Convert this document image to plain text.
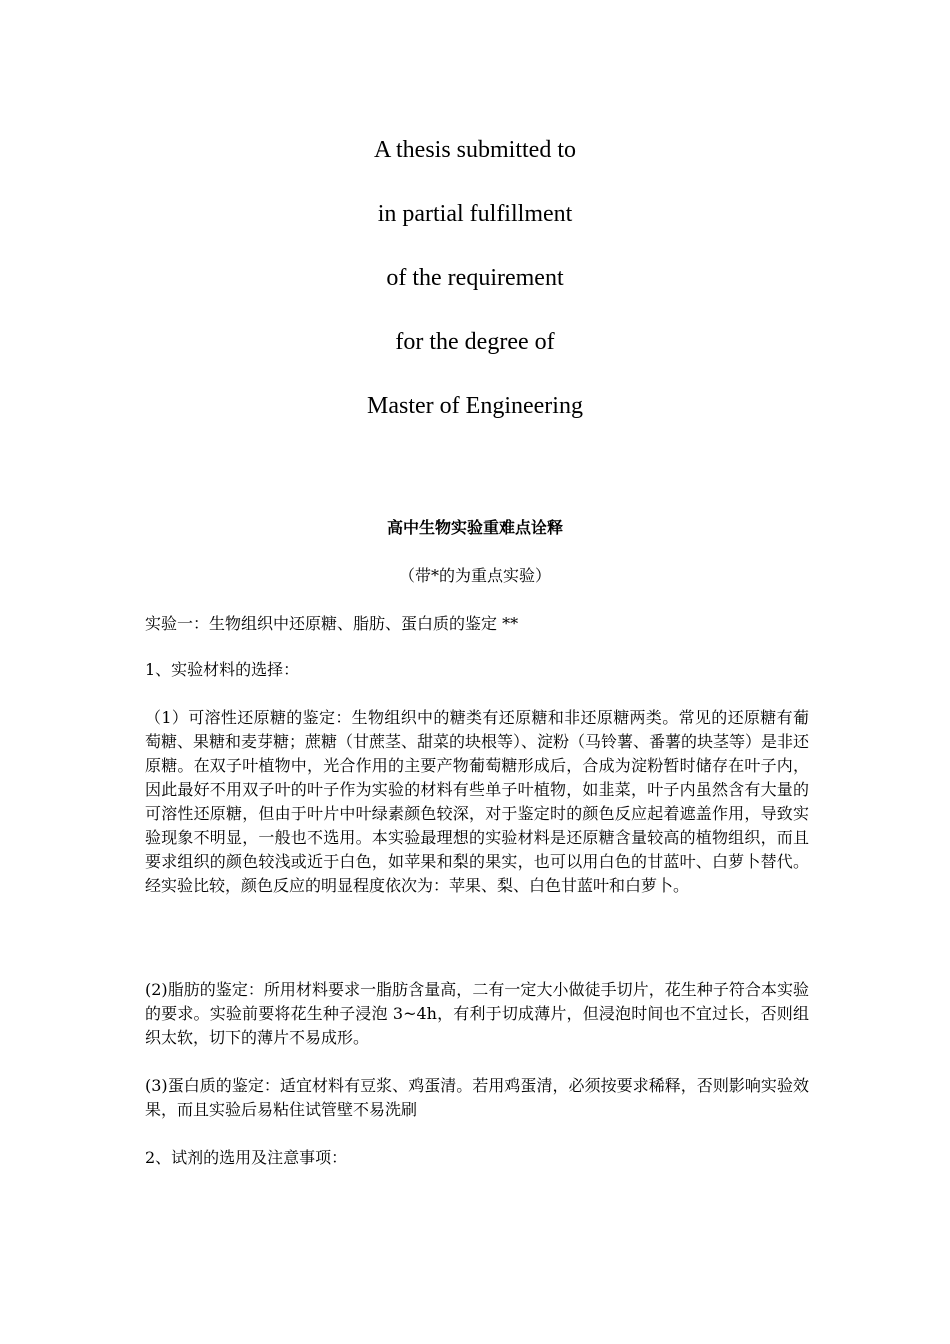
A thesis submitted to
in partial fulfillment
of the requirement
for the degree of
Master of Engineering
高中生物实验重难点诠释
（带*的为重点实验）
实验一：生物组织中还原糖、脂肪、蛋白质的鉴定 **
1、实验材料的选择：
（1）可溶性还原糖的鉴定：生物组织中的糖类有还原糖和非还原糖两类。常见的还原糖有葡萄糖、果糖和麦芽糖；蔗糖（甘蔗茎、甜菜的块根等）、淀粉（马铃薯、番薯的块茎等）是非还原糖。在双子叶植物中，光合作用的主要产物葡萄糖形成后，合成为淀粉暂时储存在叶子内，因此最好不用双子叶的叶子作为实验的材料有些单子叶植物，如韭菜，叶子内虽然含有大量的可溶性还原糖，但由于叶片中叶绿素颜色较深，对于鉴定时的颜色反应起着遮盖作用，导致实验现象不明显，一般也不选用。本实验最理想的实验材料是还原糖含量较高的植物组织，而且要求组织的颜色较浅或近于白色，如苹果和梨的果实，也可以用白色的甘蓝叶、白萝卜替代。经实验比较，颜色反应的明显程度依次为：苹果、梨、白色甘蓝叶和白萝卜。
(2)脂肪的鉴定：所用材料要求一脂肪含量高，二有一定大小做徒手切片，花生种子符合本实验的要求。实验前要将花生种子浸泡 3~4h，有利于切成薄片，但浸泡时间也不宜过长，否则组织太软，切下的薄片不易成形。
(3)蛋白质的鉴定：适宜材料有豆浆、鸡蛋清。若用鸡蛋清，必须按要求稀释，否则影响实验效果，而且实验后易粘住试管壁不易洗刷
2、试剂的选用及注意事项：
